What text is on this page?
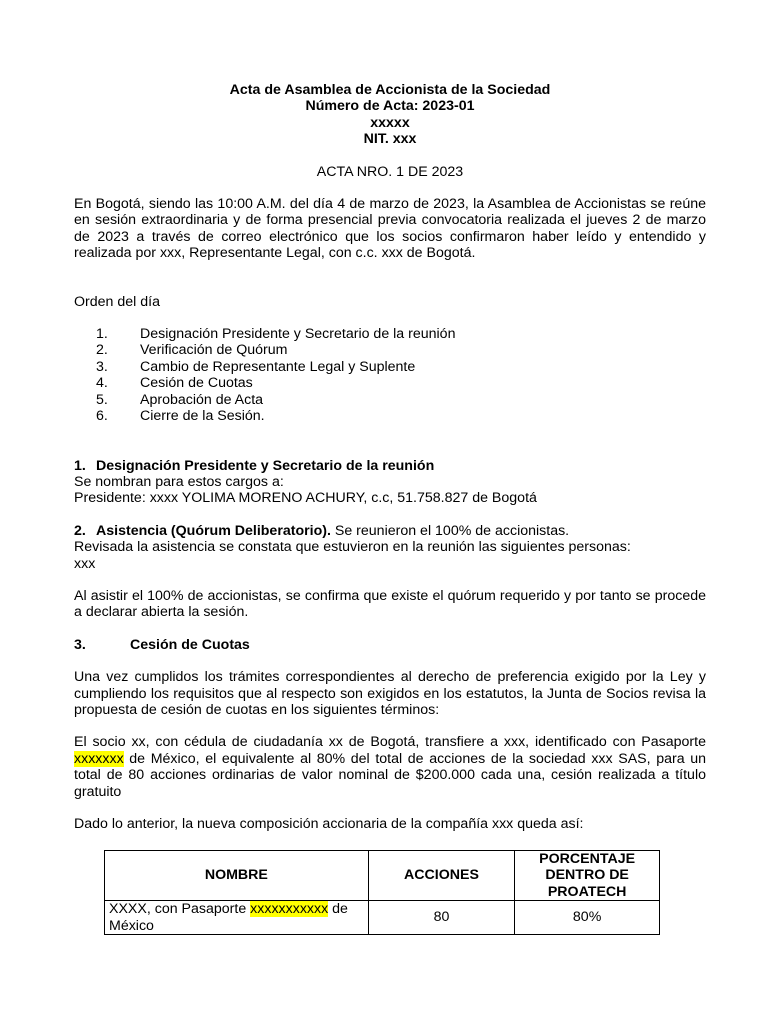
Acta de Asamblea de Accionista de la Sociedad

Número de Acta: 2023-01

xxxxx

NIT. xxx

ACTA NRO. 1 DE 2023

En Bogotá, siendo las 10:00 A.M. del día 4 de marzo de 2023, la Asamblea de Accionistas se reúne en sesión extraordinaria y de forma presencial previa convocatoria realizada el jueves 2 de marzo de 2023 a través de correo electrónico que los socios confirmaron haber leído y entendido y realizada por xxx, Representante Legal, con c.c. xxx de Bogotá.

Orden del día

1.	Designación Presidente y Secretario de la reunión
2.	Verificación de Quórum
3.	Cambio de Representante Legal y Suplente
4.	Cesión de Cuotas
5.	Aprobación de Acta
6.	Cierre de la Sesión.

1. Designación Presidente y Secretario de la reunión

Se nombran para estos cargos a:

Presidente: xxxx YOLIMA MORENO ACHURY, c.c, 51.758.827 de Bogotá

2. Asistencia (Quórum Deliberatorio). Se reunieron el 100% de accionistas.

Revisada la asistencia se constata que estuvieron en la reunión las siguientes personas:

xxx

Al asistir el 100% de accionistas, se confirma que existe el quórum requerido y por tanto se procede a declarar abierta la sesión.

3.	Cesión de Cuotas

Una vez cumplidos los trámites correspondientes al derecho de preferencia exigido por la Ley y cumpliendo los requisitos que al respecto son exigidos en los estatutos, la Junta de Socios revisa la propuesta de cesión de cuotas en los siguientes términos:

El socio xx, con cédula de ciudadanía xx de Bogotá, transfiere a xxx, identificado con Pasaporte xxxxxxx de México, el equivalente al 80% del total de acciones de la sociedad xxx SAS, para un total de 80 acciones ordinarias de valor nominal de $200.000 cada una, cesión realizada a título gratuito

Dado lo anterior, la nueva composición accionaria de la compañía xxx queda así:

NOMBRE	ACCIONES	PORCENTAJE DENTRO DE PROATECH
XXXX, con Pasaporte xxxxxxxxxxx de México	80	80%
